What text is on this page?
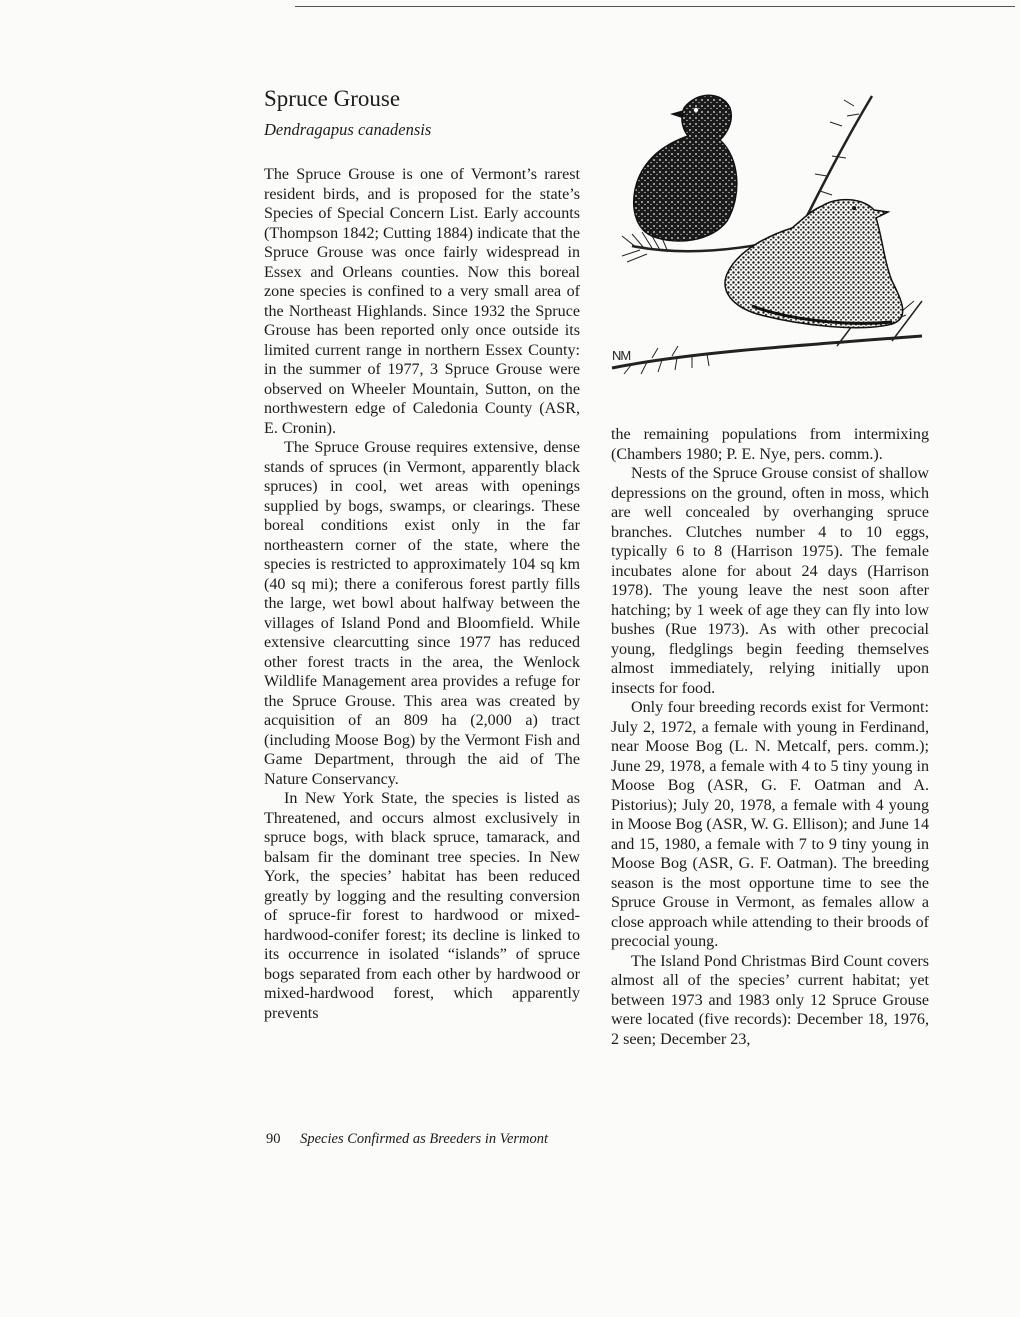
Spruce Grouse

Dendragapus canadensis

The Spruce Grouse is one of Vermont’s rarest resident birds, and is proposed for the state’s Species of Special Concern List. Early accounts (Thompson 1842; Cutting 1884) indicate that the Spruce Grouse was once fairly widespread in Essex and Orleans counties. Now this boreal zone species is confined to a very small area of the Northeast Highlands. Since 1932 the Spruce Grouse has been reported only once outside its limited current range in northern Essex County: in the summer of 1977, 3 Spruce Grouse were observed on Wheeler Mountain, Sutton, on the northwestern edge of Caledonia County (ASR, E. Cronin).

The Spruce Grouse requires extensive, dense stands of spruces (in Vermont, apparently black spruces) in cool, wet areas with openings supplied by bogs, swamps, or clearings. These boreal conditions exist only in the far northeastern corner of the state, where the species is restricted to approximately 104 sq km (40 sq mi); there a coniferous forest partly fills the large, wet bowl about halfway between the villages of Island Pond and Bloomfield. While extensive clearcutting since 1977 has reduced other forest tracts in the area, the Wenlock Wildlife Management area provides a refuge for the Spruce Grouse. This area was created by acquisition of an 809 ha (2,000 a) tract (including Moose Bog) by the Vermont Fish and Game Department, through the aid of The Nature Conservancy.

In New York State, the species is listed as Threatened, and occurs almost exclusively in spruce bogs, with black spruce, tamarack, and balsam fir the dominant tree species. In New York, the species’ habitat has been reduced greatly by logging and the resulting conversion of spruce-fir forest to hardwood or mixed-hardwood-conifer forest; its decline is linked to its occurrence in isolated “islands” of spruce bogs separated from each other by hardwood or mixed-hardwood forest, which apparently prevents

the remaining populations from intermixing (Chambers 1980; P. E. Nye, pers. comm.).

Nests of the Spruce Grouse consist of shallow depressions on the ground, often in moss, which are well concealed by overhanging spruce branches. Clutches number 4 to 10 eggs, typically 6 to 8 (Harrison 1975). The female incubates alone for about 24 days (Harrison 1978). The young leave the nest soon after hatching; by 1 week of age they can fly into low bushes (Rue 1973). As with other precocial young, fledglings begin feeding themselves almost immediately, relying initially upon insects for food.

Only four breeding records exist for Vermont: July 2, 1972, a female with young in Ferdinand, near Moose Bog (L. N. Metcalf, pers. comm.); June 29, 1978, a female with 4 to 5 tiny young in Moose Bog (ASR, G. F. Oatman and A. Pistorius); July 20, 1978, a female with 4 young in Moose Bog (ASR, W. G. Ellison); and June 14 and 15, 1980, a female with 7 to 9 tiny young in Moose Bog (ASR, G. F. Oatman). The breeding season is the most opportune time to see the Spruce Grouse in Vermont, as females allow a close approach while attending to their broods of precocial young.

The Island Pond Christmas Bird Count covers almost all of the species’ current habitat; yet between 1973 and 1983 only 12 Spruce Grouse were located (five records): December 18, 1976, 2 seen; December 23,

NM

90 Species Confirmed as Breeders in Vermont
